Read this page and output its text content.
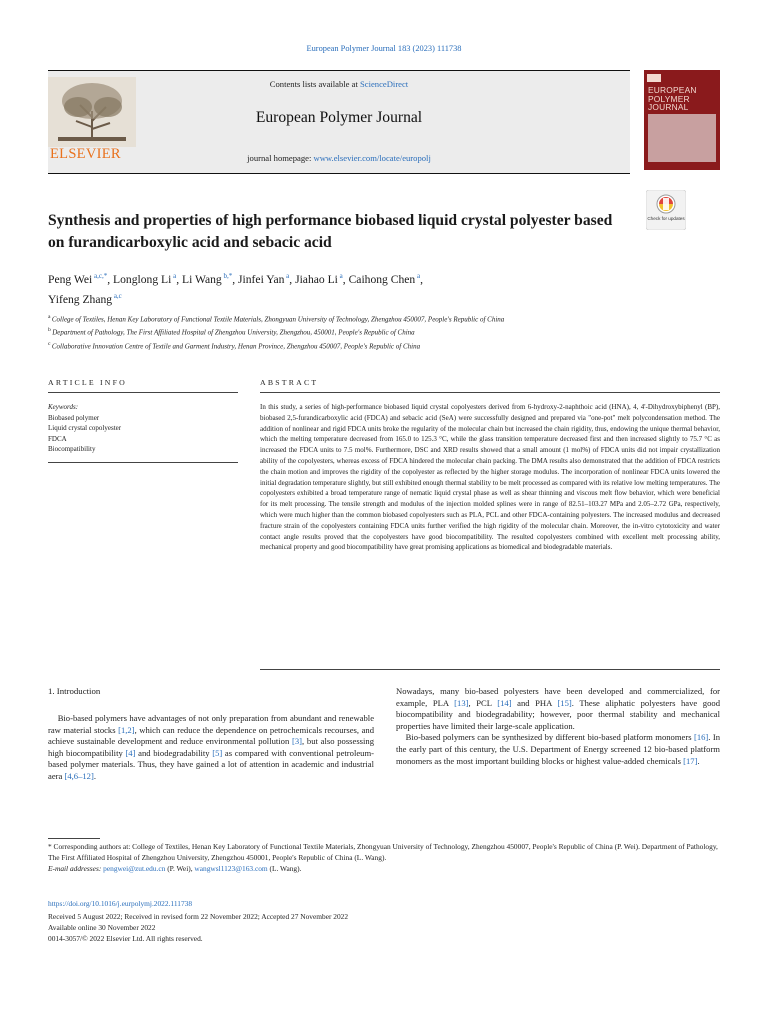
European Polymer Journal 183 (2023) 111738
ELSEVIER
Contents lists available at ScienceDirect
European Polymer Journal
journal homepage: www.elsevier.com/locate/europolj
EUROPEAN POLYMER JOURNAL
Check for updates
Synthesis and properties of high performance biobased liquid crystal polyester based on furandicarboxylic acid and sebacic acid
Peng Wei $^{a,c,*}$, Longlong Li $^a$, Li Wang $^{b,*}$, Jinfei Yan $^a$, Jiahao Li $^a$, Caihong Chen $^a$,
Yifeng Zhang $^{a,c}$
$^a$ College of Textiles, Henan Key Laboratory of Functional Textile Materials, Zhongyuan University of Technology, Zhengzhou 450007, People's Republic of China
$^b$ Department of Pathology, The First Affiliated Hospital of Zhengzhou University, Zhengzhou, 450001, People's Republic of China
$^c$ Collaborative Innovation Centre of Textile and Garment Industry, Henan Province, Zhengzhou 450007, People's Republic of China
ARTICLE INFO	ABSTRACT
Keywords:
Biobased polymer
Liquid crystal copolyester
FDCA
Biocompatibility
In this study, a series of high-performance biobased liquid crystal copolyesters derived from 6-hydroxy-2-naphthoic acid (HNA), 4, 4'-Dihydroxybiphenyl (BP), biobased 2,5-furandicarboxylic acid (FDCA) and sebacic acid (SeA) were successfully designed and prepared via "one-pot" melt polycondensation method. The addition of nonlinear and rigid FDCA units broke the regularity of the molecular chain but increased the chain rigidity, thus, endowing the unique thermal behavior, which the melting temperature decreased from 165.0 to 125.3 °C, while the glass transition temperature decreased first and then increased slightly to 75.7 °C as increased the FDCA units to 7.5 mol%. Furthermore, DSC and XRD results showed that a small amount (1 mol%) of FDCA units did not impair crystallization ability of the copolyesters, whereas excess of FDCA hindered the molecular chain packing. The DMA results also demonstrated that the addition of FDCA restricts the chain motion and improves the rigidity of the copolyester as reflected by the higher storage modulus. The incorporation of nonlinear FDCA units lowered the initial degradation temperature slightly, but still exhibited enough thermal stability to be melt processed as compared with its relative low melting temperatures. The copolyesters exhibited a broad temperature range of nematic liquid crystal phase as well as shear thinning and viscous melt flow behavior, which were beneficial for its melt processing. The tensile strength and modulus of the injection molded splines were in range of 82.51–103.27 MPa and 2.05–2.72 GPa, respectively, which were much higher than the common biobased copolyesters such as PLA, PCL and other FDCA-containing polyesters. The increased modulus and decreased fracture strain of the copolyesters containing FDCA units further verified the high rigidity of the molecular chain. Moreover, the in-vitro cytotoxicity and water contact angle results proved that the copolyesters have good biocompatibility. The resulted copolyesters combined with excellent melt processing ability, mechanical property and good biocompatibility have great promising applications as biomedical and biodegradable materials.
1. Introduction
Bio-based polymers have advantages of not only preparation from abundant and renewable raw material stocks [1,2], which can reduce the dependence on petrochemicals recourses, and achieve sustainable development and reduce environmental pollution [3], but also possessing high biocompatibility [4] and biodegradability [5] as compared with conventional petroleum-based polymer materials. Thus, they have gained a lot of attention in academic and industrial aera [4,6–12].
Nowadays, many bio-based polyesters have been developed and commercialized, for example, PLA [13], PCL [14] and PHA [15]. These aliphatic polyesters have good biocompatibility and biodegradability; however, poor thermal stability and mechanical properties have limited their large-scale application.
Bio-based polymers can be synthesized by different bio-based platform monomers [16]. In the early part of this century, the U.S. Department of Energy screened 12 bio-based platform monomers as the most important building blocks or highest value-added chemicals [17].
* Corresponding authors at: College of Textiles, Henan Key Laboratory of Functional Textile Materials, Zhongyuan University of Technology, Zhengzhou 450007, People's Republic of China (P. Wei). Department of Pathology, The First Affiliated Hospital of Zhengzhou University, Zhengzhou 450001, People's Republic of China (L. Wang).
E-mail addresses: pengwei@zut.edu.cn (P. Wei), wangwsl1123@163.com (L. Wang).
https://doi.org/10.1016/j.eurpolymj.2022.111738
Received 5 August 2022; Received in revised form 22 November 2022; Accepted 27 November 2022
Available online 30 November 2022
0014-3057/© 2022 Elsevier Ltd. All rights reserved.
